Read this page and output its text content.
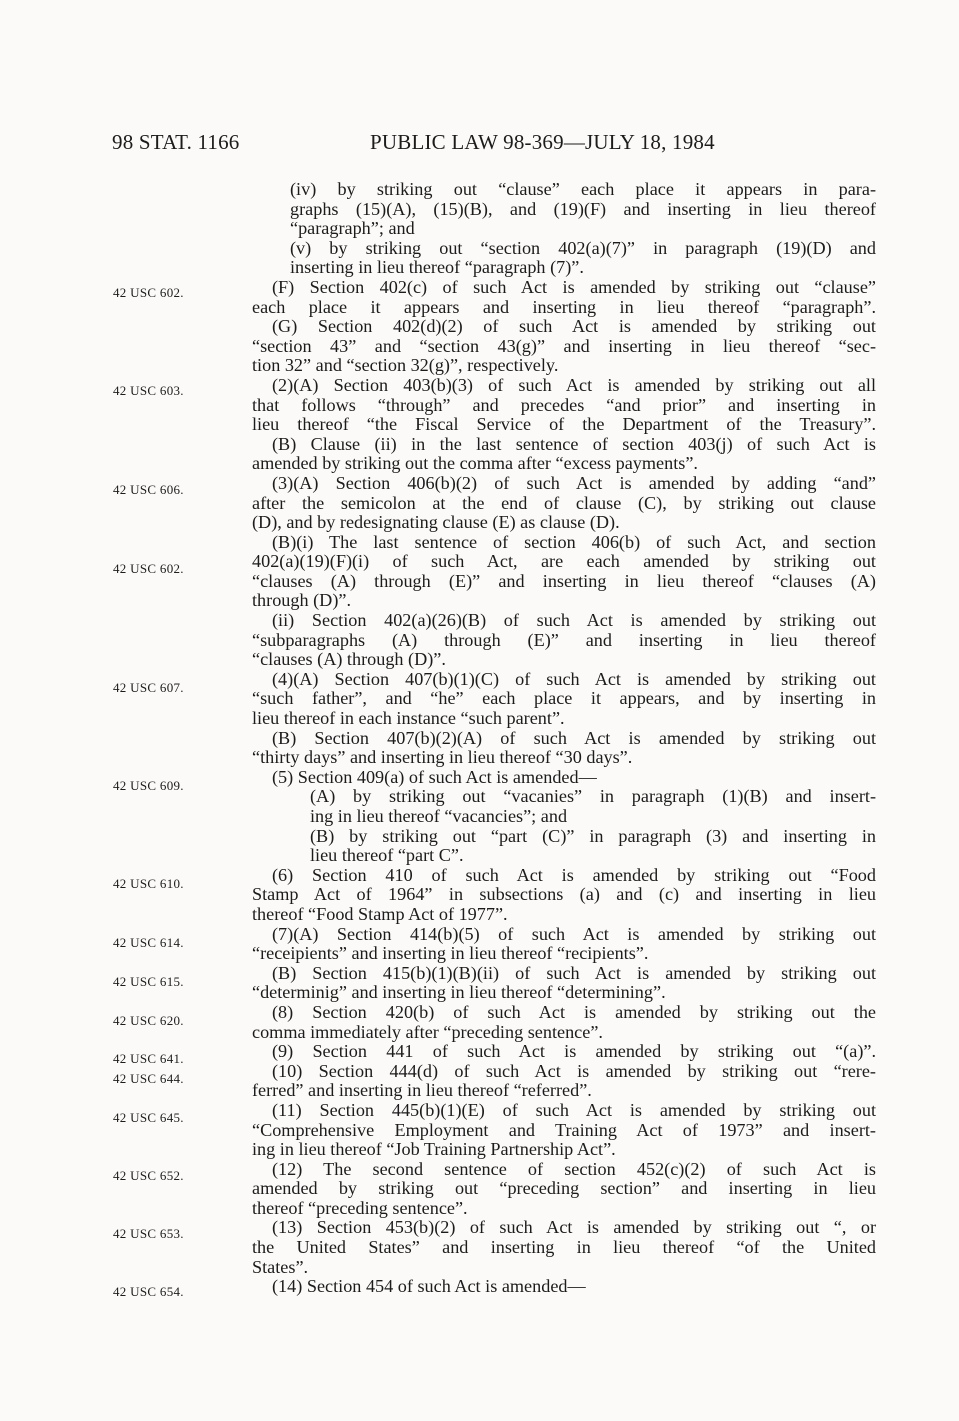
98 STAT. 1166	PUBLIC LAW 98-369—JULY 18, 1984
42 USC 602.
42 USC 603.
42 USC 606.
42 USC 602.
42 USC 607.
42 USC 609.
42 USC 610.
42 USC 614.
42 USC 615.
42 USC 620.
42 USC 641.
42 USC 644.
42 USC 645.
42 USC 652.
42 USC 653.
42 USC 654.
(iv) by striking out “clause” each place it appears in para-
graphs (15)(A), (15)(B), and (19)(F) and inserting in lieu thereof
“paragraph”; and
(v) by striking out “section 402(a)(7)” in paragraph (19)(D) and
inserting in lieu thereof “paragraph (7)”.
(F) Section 402(c) of such Act is amended by striking out “clause”
each place it appears and inserting in lieu thereof “paragraph”.
(G) Section 402(d)(2) of such Act is amended by striking out
“section 43” and “section 43(g)” and inserting in lieu thereof “sec-
tion 32” and “section 32(g)”, respectively.
(2)(A) Section 403(b)(3) of such Act is amended by striking out all
that follows “through” and precedes “and prior” and inserting in
lieu thereof “the Fiscal Service of the Department of the Treasury”.
(B) Clause (ii) in the last sentence of section 403(j) of such Act is
amended by striking out the comma after “excess payments”.
(3)(A) Section 406(b)(2) of such Act is amended by adding “and”
after the semicolon at the end of clause (C), by striking out clause
(D), and by redesignating clause (E) as clause (D).
(B)(i) The last sentence of section 406(b) of such Act, and section
402(a)(19)(F)(i) of such Act, are each amended by striking out
“clauses (A) through (E)” and inserting in lieu thereof “clauses (A)
through (D)”.
(ii) Section 402(a)(26)(B) of such Act is amended by striking out
“subparagraphs (A) through (E)” and inserting in lieu thereof
“clauses (A) through (D)”.
(4)(A) Section 407(b)(1)(C) of such Act is amended by striking out
“such father”, and “he” each place it appears, and by inserting in
lieu thereof in each instance “such parent”.
(B) Section 407(b)(2)(A) of such Act is amended by striking out
“thirty days” and inserting in lieu thereof “30 days”.
(5) Section 409(a) of such Act is amended—
(A) by striking out “vacanies” in paragraph (1)(B) and insert-
ing in lieu thereof “vacancies”; and
(B) by striking out “part (C)” in paragraph (3) and inserting in
lieu thereof “part C”.
(6) Section 410 of such Act is amended by striking out “Food
Stamp Act of 1964” in subsections (a) and (c) and inserting in lieu
thereof “Food Stamp Act of 1977”.
(7)(A) Section 414(b)(5) of such Act is amended by striking out
“receipients” and inserting in lieu thereof “recipients”.
(B) Section 415(b)(1)(B)(ii) of such Act is amended by striking out
“determinig” and inserting in lieu thereof “determining”.
(8) Section 420(b) of such Act is amended by striking out the
comma immediately after “preceding sentence”.
(9) Section 441 of such Act is amended by striking out “(a)”.
(10) Section 444(d) of such Act is amended by striking out “rere-
ferred” and inserting in lieu thereof “referred”.
(11) Section 445(b)(1)(E) of such Act is amended by striking out
“Comprehensive Employment and Training Act of 1973” and insert-
ing in lieu thereof “Job Training Partnership Act”.
(12) The second sentence of section 452(c)(2) of such Act is
amended by striking out “preceding section” and inserting in lieu
thereof “preceding sentence”.
(13) Section 453(b)(2) of such Act is amended by striking out “, or
the United States” and inserting in lieu thereof “of the United
States”.
(14) Section 454 of such Act is amended—
